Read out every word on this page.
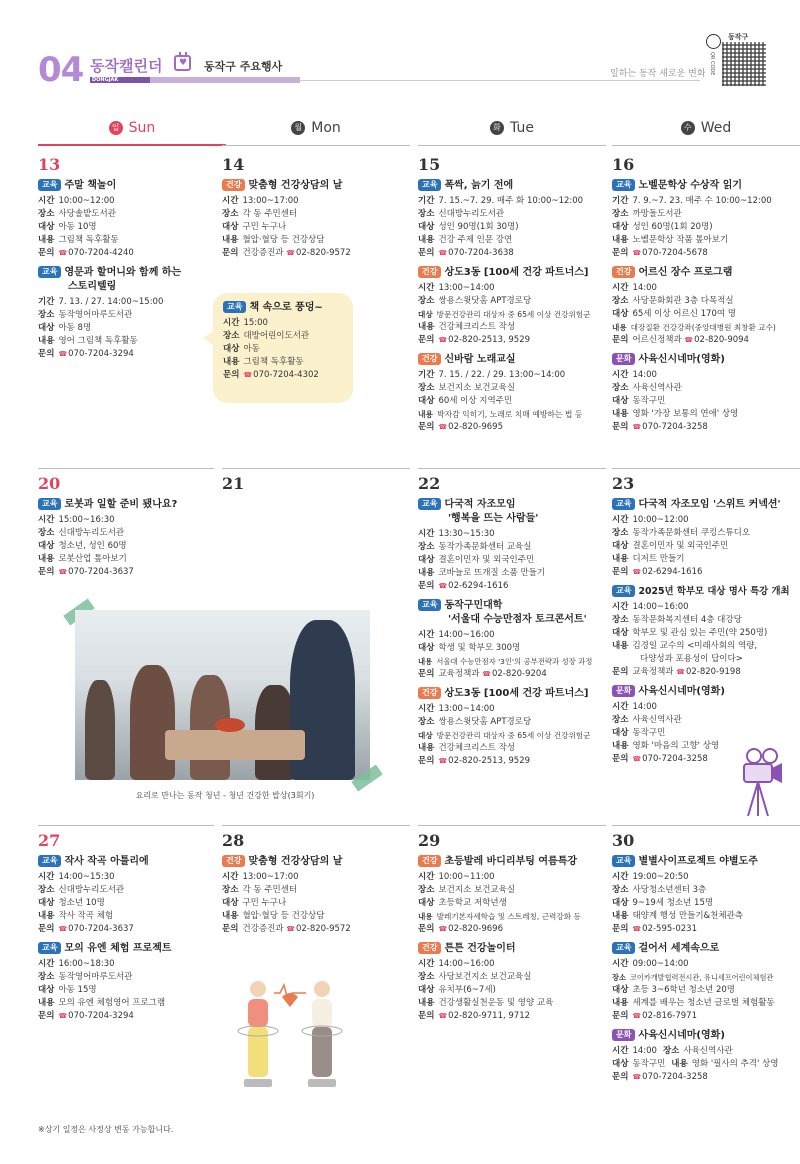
04 동작캘린더
♥	동작구 주요행사
DONGJAK
일하는 동작 새로운 변화
동작구
QR CODE
일 Sun	월 Mon	화 Tue	수 Wed
13
교육 주말 책놀이
시간 10:00~12:00
장소 사당솔밭도서관
대상 아동 10명
내용 그림책 독후활동
문의 ☎070-7204-4240
교육 영문과 할머니와 함께 하는
스토리텔링
기간 7. 13. / 27. 14:00~15:00
장소 동작영어마루도서관
대상 아동 8명
내용 영어 그림책 독후활동
문의 ☎070-7204-3294
14
건강 맞춤형 건강상담의 날
시간 13:00~17:00
장소 각 동 주민센터
대상 구민 누구나
내용 혈압·혈당 등 건강상담
문의 건강증진과 ☎02-820-9572
교육 책 속으로 풍덩~
시간 15:00
장소 대방어린이도서관
대상 아동
내용 그림책 독후활동
문의 ☎070-7204-4302
15
교육 폭싹, 늙기 전에
기간 7. 15.~7. 29. 매주 화 10:00~12:00
장소 신대방누리도서관
대상 성인 90명(1회 30명)
내용 건강 주제 인문 강연
문의 ☎070-7204-3638
건강 상도3동 [100세 건강 파트너스]
시간 13:00~14:00
장소 쌍용스윗닷홈 APT경로당
대상 방문건강관리 대상자 중 65세 이상 건강위험군
내용 건강체크리스트 작성
문의 ☎02-820-2513, 9529
건강 신바람 노래교실
기간 7. 15. / 22. / 29. 13:00~14:00
장소 보건지소 보건교육실
대상 60세 이상 지역주민
내용 박자감 익히기, 노래로 치매 예방하는 법 등
문의 ☎02-820-9695
16
교육 노벨문학상 수상작 읽기
기간 7. 9.~7. 23. 매주 수 10:00~12:00
장소 까망돌도서관
대상 성인 60명(1회 20명)
내용 노벨문학상 작품 톺아보기
문의 ☎070-7204-5678
건강 어르신 장수 프로그램
시간 14:00
장소 사당문화회관 3층 다목적실
대상 65세 이상 어르신 170여 명
내용 대장질환 건강강좌(중앙대병원 최창환 교수)
문의 어르신정책과 ☎02-820-9094
문화 사육신시네마(영화)
시간 14:00
장소 사육신역사관
대상 동작구민
내용 영화 '가장 보통의 연애' 상영
문의 ☎070-7204-3258
20
교육 로봇과 일할 준비 됐나요?
시간 15:00~16:30
장소 신대방누리도서관
대상 청소년, 성인 60명
내용 로봇산업 톺아보기
문의 ☎070-7204-3637
21
요리로 만나는 동작 청년 - 청년 건강한 밥상(3회기)
22
교육 다국적 자조모임
'행복을 뜨는 사람들'
시간 13:30~15:30
장소 동작가족문화센터 교육실
대상 결혼이민자 및 외국인주민
내용 코바늘로 뜨개질 소품 만들기
문의 ☎02-6294-1616
교육 동작구민대학
'서울대 수능만점자 토크콘서트'
시간 14:00~16:00
대상 학생 및 학부모 300명
내용 서울대 수능만점자 '3인'의 공부전략과 성장 과정
문의 교육정책과 ☎02-820-9204
건강 상도3동 [100세 건강 파트너스]
시간 13:00~14:00
장소 쌍용스윗닷홈 APT경로당
대상 방문건강관리 대상자 중 65세 이상 건강위험군
내용 건강체크리스트 작성
문의 ☎02-820-2513, 9529
23
교육 다국적 자조모임 '스위트 커넥션'
시간 10:00~12:00
장소 동작가족문화센터 쿠킹스튜디오
대상 결혼이민자 및 외국인주민
내용 디저트 만들기
문의 ☎02-6294-1616
교육 2025년 학부모 대상 명사 특강 개최
시간 14:00~16:00
장소 동작문화복지센터 4층 대강당
대상 학부모 및 관심 있는 주민(약 250명)
내용 김경일 교수의 <미래사회의 역량,
다양성과 포용성이 답이다>
문의 교육정책과 ☎02-820-9198
문화 사육신시네마(영화)
시간 14:00
장소 사육신역사관
대상 동작구민
내용 영화 '마음의 고향' 상영
문의 ☎070-7204-3258
27
교육 작사 작곡 아틀리에
시간 14:00~15:30
장소 신대방누리도서관
대상 청소년 10명
내용 작사 작곡 체험
문의 ☎070-7204-3637
교육 모의 유엔 체험 프로젝트
시간 16:00~18:30
장소 동작영어마루도서관
대상 아동 15명
내용 모의 유엔 체험영어 프로그램
문의 ☎070-7204-3294
28
건강 맞춤형 건강상담의 날
시간 13:00~17:00
장소 각 동 주민센터
대상 구민 누구나
내용 혈압·혈당 등 건강상담
문의 건강증진과 ☎02-820-9572
29
건강 초등발레 바디리부팅 여름특강
시간 10:00~11:00
장소 보건지소 보건교육실
대상 초등학교 저학년생
내용 발레기본자세학습 및 스트레칭, 근력강화 등
문의 ☎02-820-9696
건강 튼튼 건강놀이터
시간 14:00~16:00
장소 사당보건지소 보건교육실
대상 유치부(6~7세)
내용 건강생활실천운동 및 영양 교육
문의 ☎02-820-9711, 9712
30
교육 별별사이프로젝트 야별도주
시간 19:00~20:50
장소 사당청소년센터 3층
대상 9~19세 청소년 15명
내용 태양계 행성 만들기&천체관측
문의 ☎02-595-0231
교육 걸어서 세계속으로
시간 09:00~14:00
장소 코이카개발협력전시관, 유니세프어린이체험관
대상 초등 3~6학년 청소년 20명
내용 세계를 배우는 청소년 글로벌 체험활동
문의 ☎02-816-7971
문화 사육신시네마(영화)
시간 14:00 장소 사육신역사관
대상 동작구민 내용 영화 '필사의 추격' 상영
문의 ☎070-7204-3258
※상기 일정은 사정상 변동 가능합니다.
